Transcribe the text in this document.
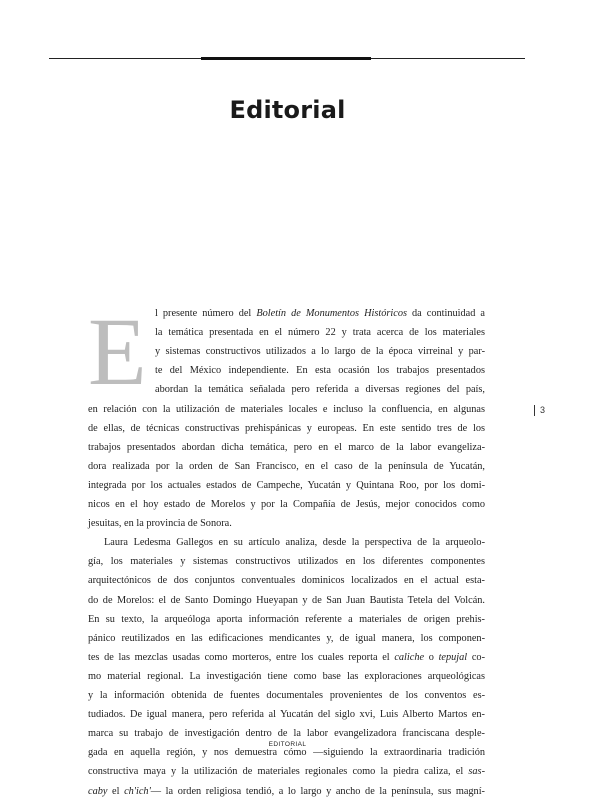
Editorial
E l presente número del Boletín de Monumentos Históricos da continuidad a
la temática presentada en el número 22 y trata acerca de los materiales
y sistemas constructivos utilizados a lo largo de la época virreinal y par-
te del México independiente. En esta ocasión los trabajos presentados
abordan la temática señalada pero referida a diversas regiones del país,
en relación con la utilización de materiales locales e incluso la confluencia, en algunas
de ellas, de técnicas constructivas prehispánicas y europeas. En este sentido tres de los
trabajos presentados abordan dicha temática, pero en el marco de la labor evangeliza-
dora realizada por la orden de San Francisco, en el caso de la península de Yucatán,
integrada por los actuales estados de Campeche, Yucatán y Quintana Roo, por los domi-
nicos en el hoy estado de Morelos y por la Compañía de Jesús, mejor conocidos como
jesuitas, en la provincia de Sonora.
Laura Ledesma Gallegos en su artículo analiza, desde la perspectiva de la arqueolo-
gía, los materiales y sistemas constructivos utilizados en los diferentes componentes
arquitectónicos de dos conjuntos conventuales dominicos localizados en el actual esta-
do de Morelos: el de Santo Domingo Hueyapan y de San Juan Bautista Tetela del Volcán.
En su texto, la arqueóloga aporta información referente a materiales de origen prehis-
pánico reutilizados en las edificaciones mendicantes y, de igual manera, los componen-
tes de las mezclas usadas como morteros, entre los cuales reporta el caliche o tepujal co-
mo material regional. La investigación tiene como base las exploraciones arqueológicas
y la información obtenida de fuentes documentales provenientes de los conventos es-
tudiados. De igual manera, pero referida al Yucatán del siglo xvi, Luis Alberto Martos en-
marca su trabajo de investigación dentro de la labor evangelizadora franciscana desple-
gada en aquella región, y nos demuestra cómo —siguiendo la extraordinaria tradición
constructiva maya y la utilización de materiales regionales como la piedra caliza, el sas-
caby el ch'ich'— la orden religiosa tendió, a lo largo y ancho de la península, sus magní-
3
EDITORIAL
